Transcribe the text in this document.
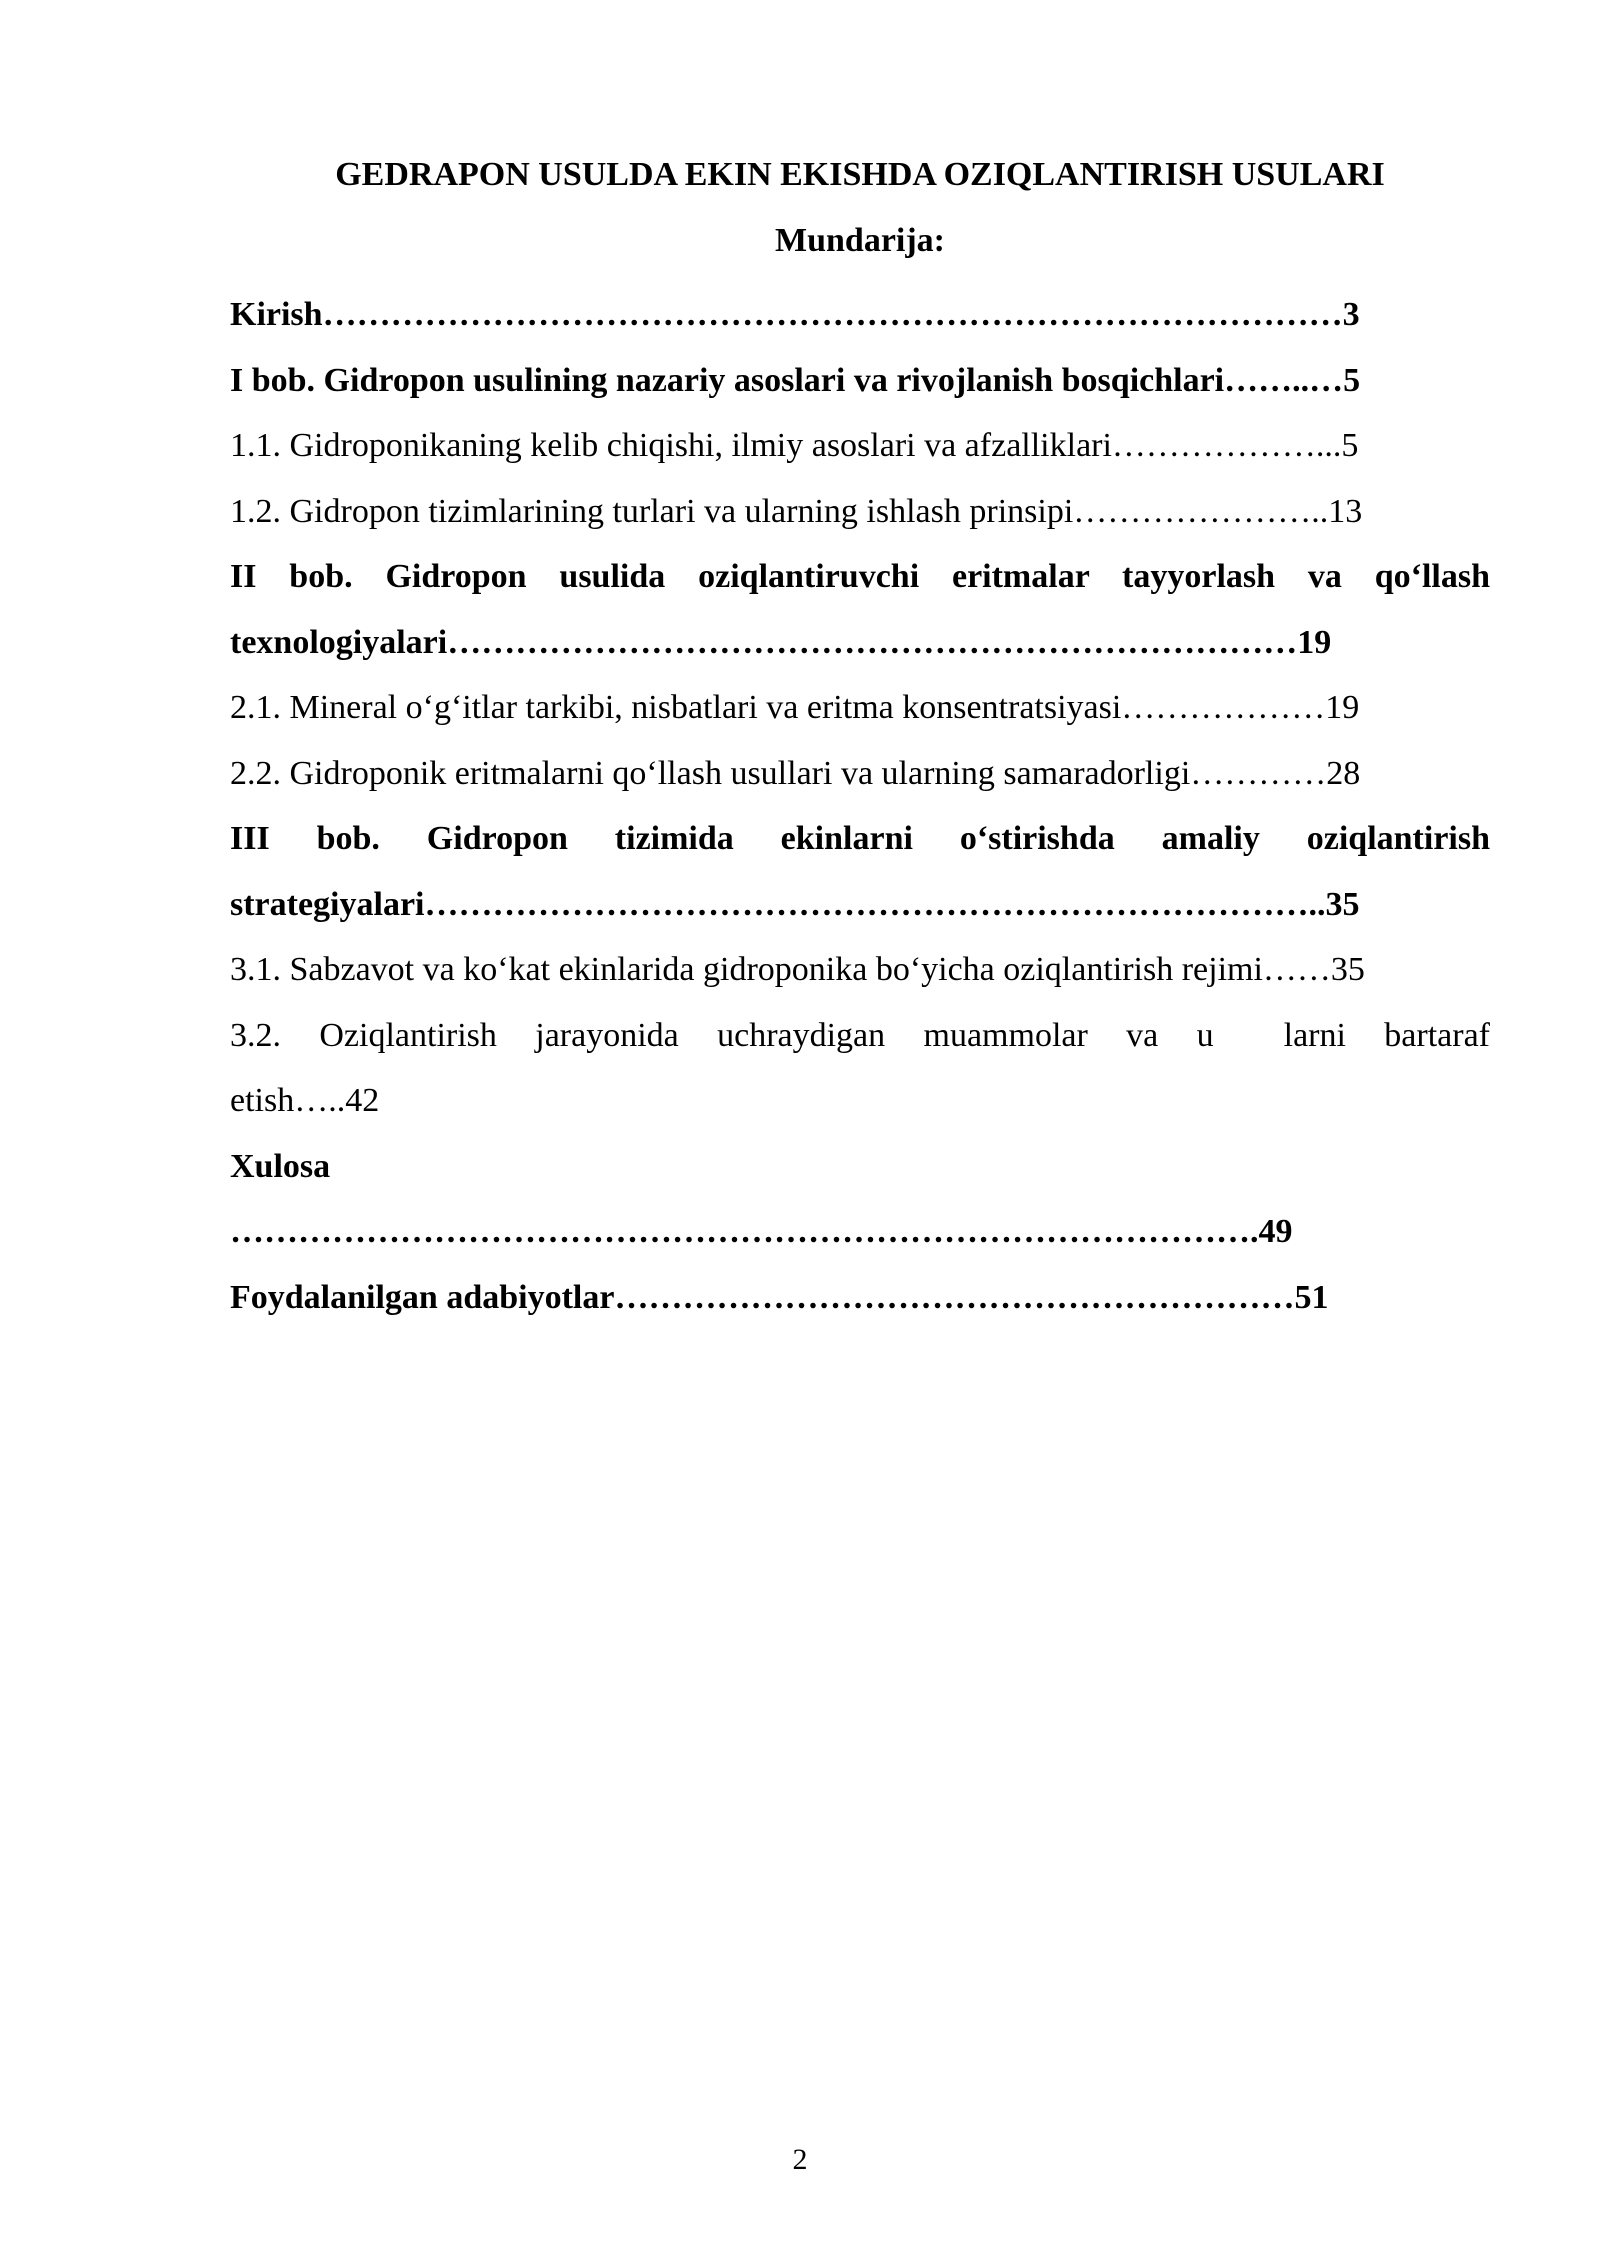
GEDRAPON USULDA EKIN EKISHDA OZIQLANTIRISH USULARI
Mundarija:
Kirish………………………………………………………………………………3
I bob. Gidropon usulining nazariy asoslari va rivojlanish bosqichlari……..…5
1.1. Gidroponikaning kelib chiqishi, ilmiy asoslari va afzalliklari………………...5
1.2. Gidropon tizimlarining turlari va ularning ishlash prinsipi…………………..13
II bob. Gidropon usulida oziqlantiruvchi eritmalar tayyorlash va qo‘llash
texnologiyalari…………………………………………………………………19
2.1. Mineral o‘g‘itlar tarkibi, nisbatlari va eritma konsentratsiyasi………………19
2.2. Gidroponik eritmalarni qo‘llash usullari va ularning samaradorligi…………28
III bob. Gidropon tizimida ekinlarni o‘stirishda amaliy oziqlantirish
strategiyalari……………………………………………………………………..35
3.1. Sabzavot va ko‘kat ekinlarida gidroponika bo‘yicha oziqlantirish rejimi……35
3.2. Oziqlantirish jarayonida uchraydigan muammolar va u larni bartaraf
etish…..42
Xulosa
……………………………………………………………………………….49
Foydalanilgan adabiyotlar……………………………………………………51
2
